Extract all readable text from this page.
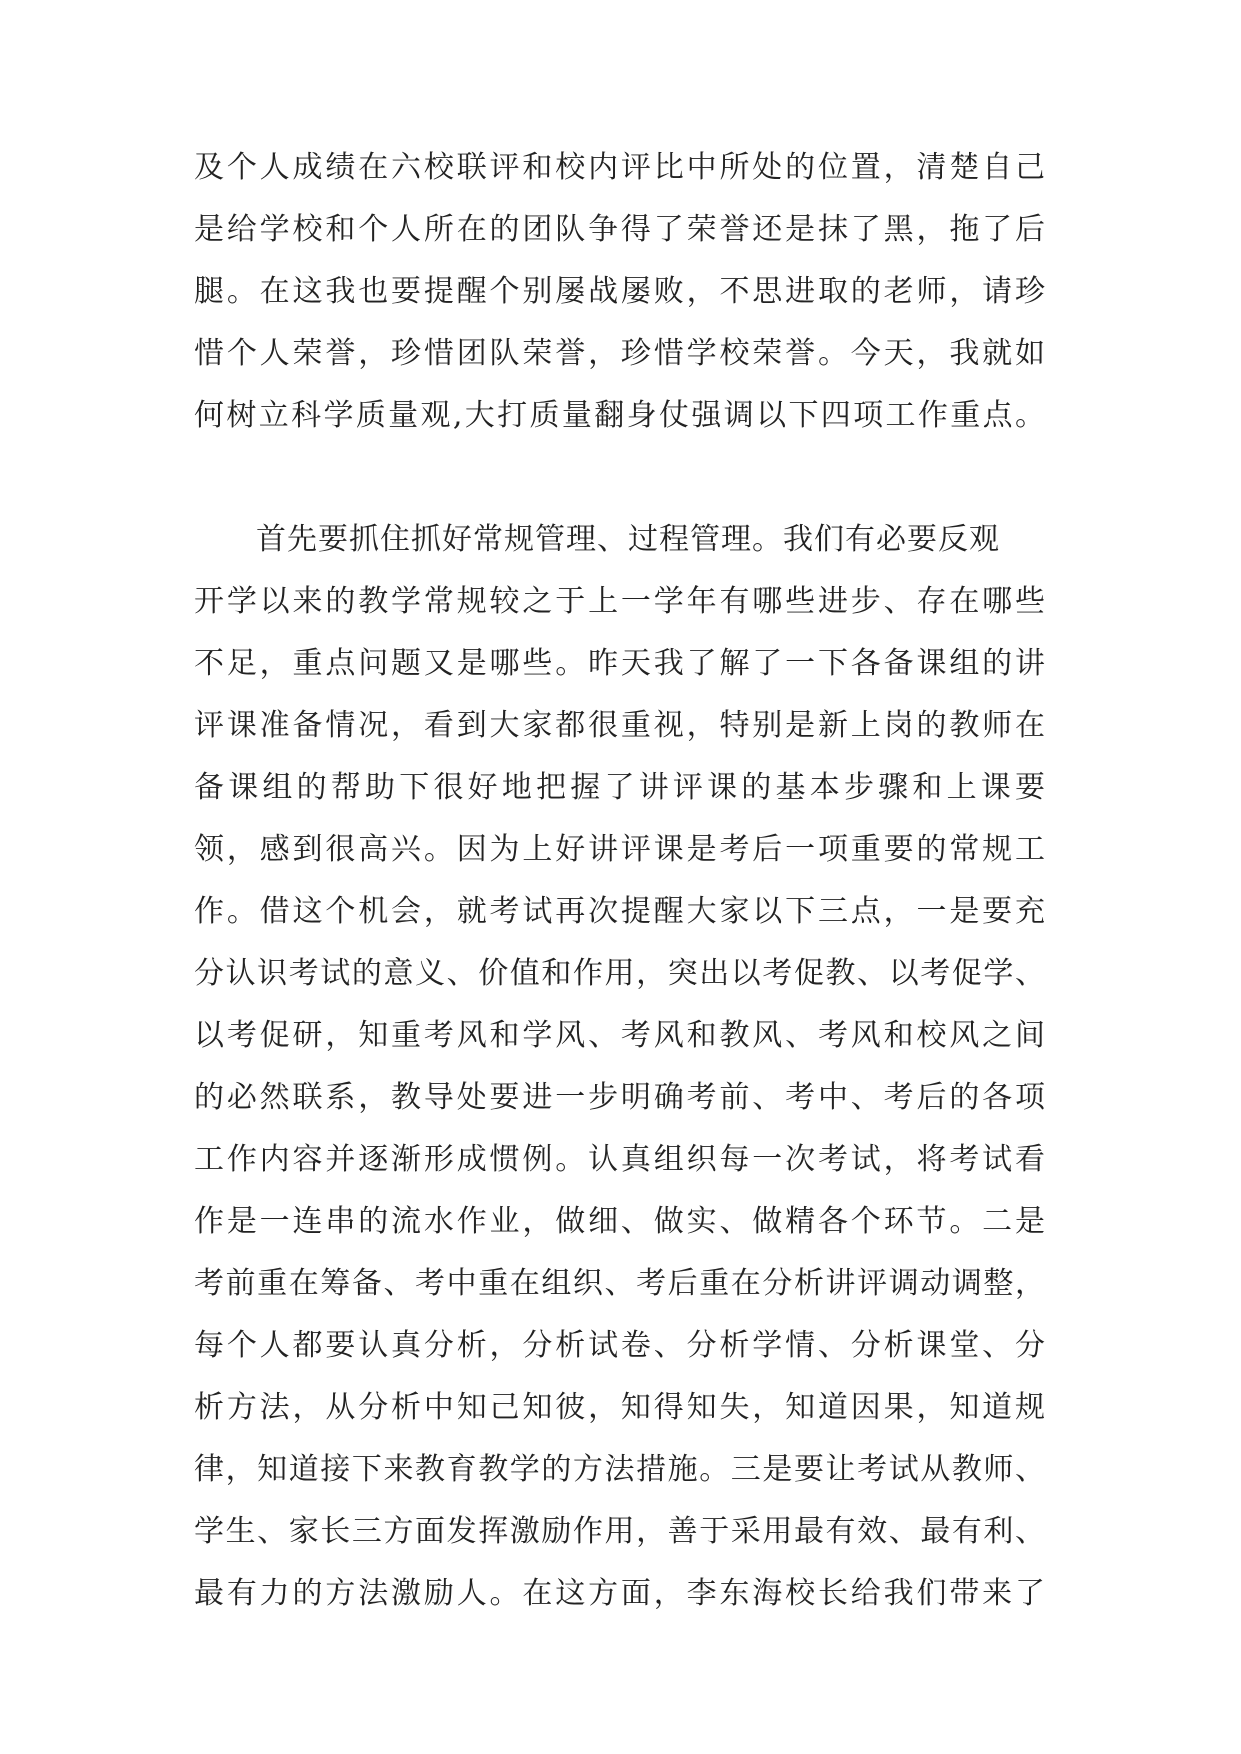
及个人成绩在六校联评和校内评比中所处的位置，清楚自己
是给学校和个人所在的团队争得了荣誉还是抹了黑，拖了后
腿。在这我也要提醒个别屡战屡败，不思进取的老师，请珍
惜个人荣誉，珍惜团队荣誉，珍惜学校荣誉。今天，我就如
何树立科学质量观,大打质量翻身仗强调以下四项工作重点。
首先要抓住抓好常规管理、过程管理。我们有必要反观
开学以来的教学常规较之于上一学年有哪些进步、存在哪些
不足，重点问题又是哪些。昨天我了解了一下各备课组的讲
评课准备情况，看到大家都很重视，特别是新上岗的教师在
备课组的帮助下很好地把握了讲评课的基本步骤和上课要
领，感到很高兴。因为上好讲评课是考后一项重要的常规工
作。借这个机会，就考试再次提醒大家以下三点，一是要充
分认识考试的意义、价值和作用，突出以考促教、以考促学、
以考促研，知重考风和学风、考风和教风、考风和校风之间
的必然联系，教导处要进一步明确考前、考中、考后的各项
工作内容并逐渐形成惯例。认真组织每一次考试，将考试看
作是一连串的流水作业，做细、做实、做精各个环节。二是
考前重在筹备、考中重在组织、考后重在分析讲评调动调整，
每个人都要认真分析，分析试卷、分析学情、分析课堂、分
析方法，从分析中知己知彼，知得知失，知道因果，知道规
律，知道接下来教育教学的方法措施。三是要让考试从教师、
学生、家长三方面发挥激励作用，善于采用最有效、最有利、
最有力的方法激励人。在这方面，李东海校长给我们带来了
